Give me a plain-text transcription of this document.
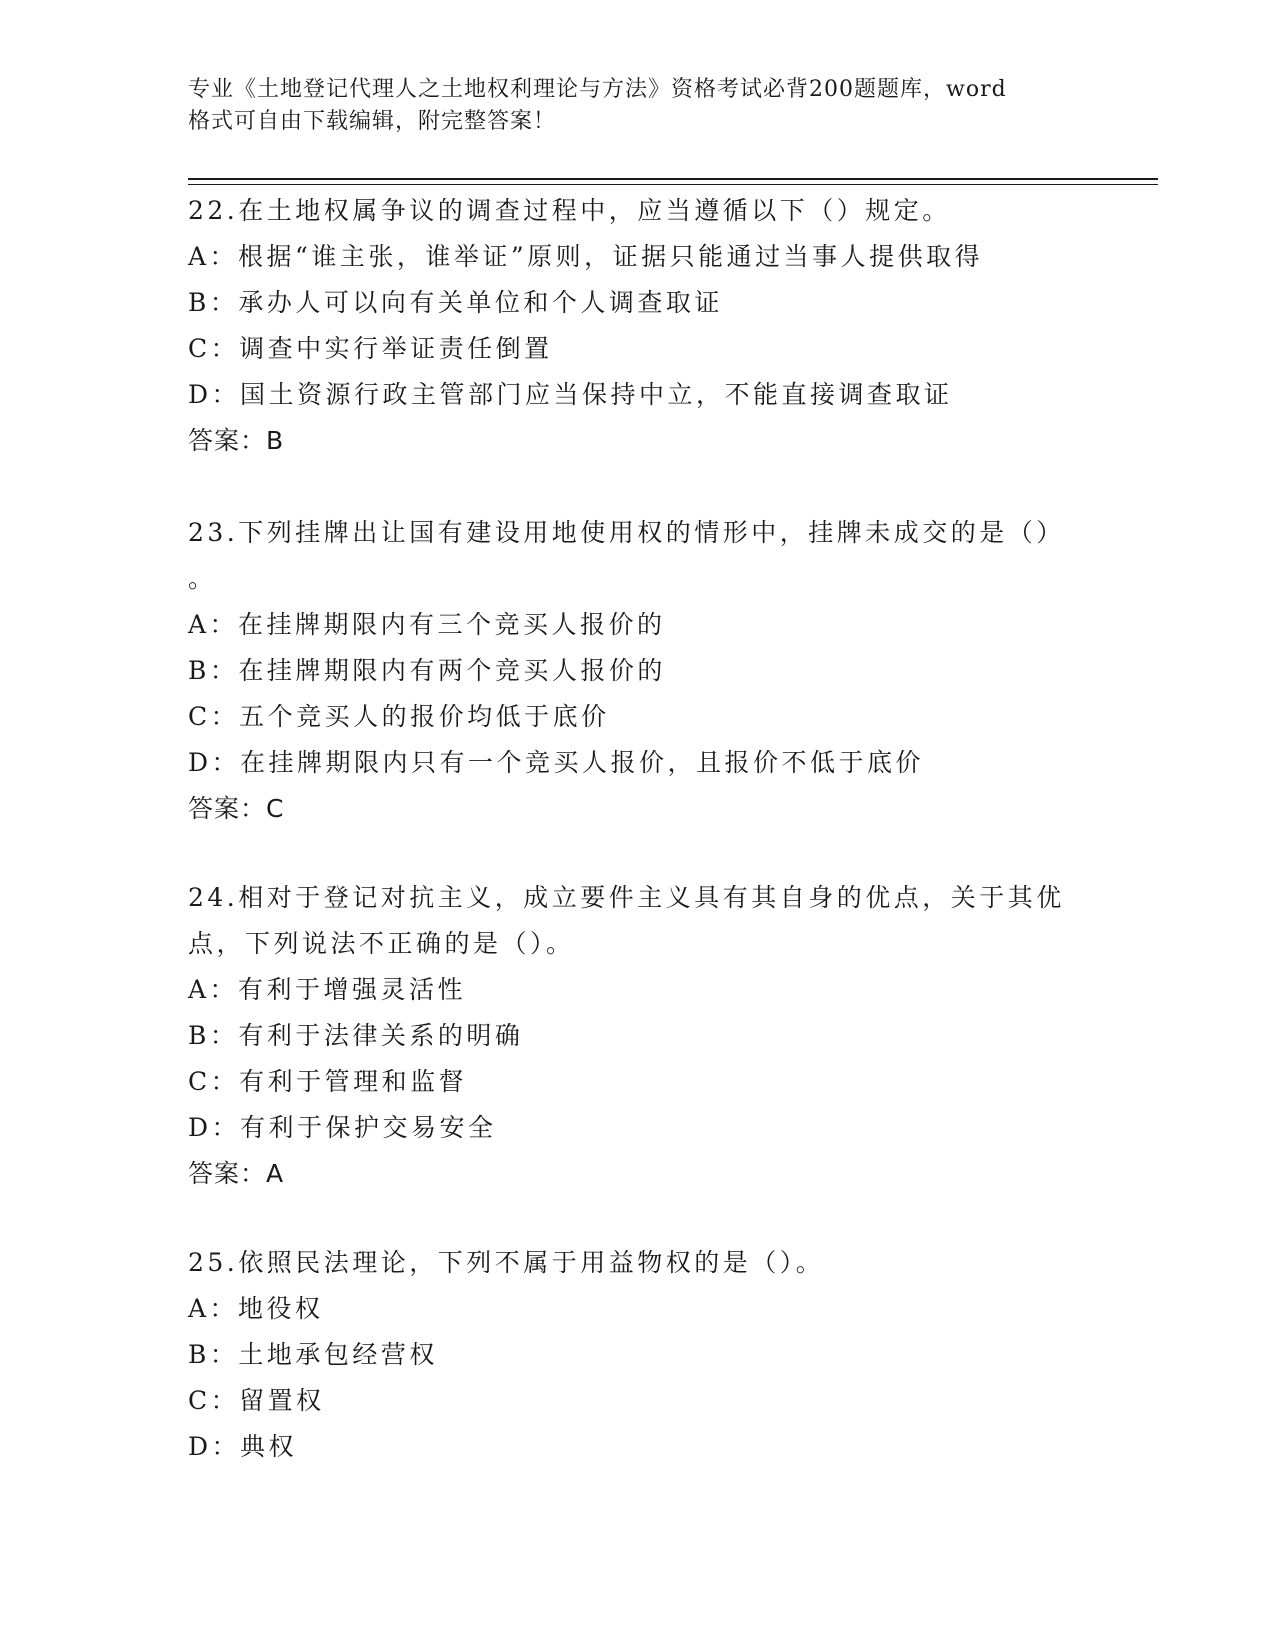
专业《土地登记代理人之土地权利理论与方法》资格考试必背200题题库，word
格式可自由下载编辑，附完整答案！
22.在土地权属争议的调查过程中，应当遵循以下（）规定。
A：根据“谁主张，谁举证”原则，证据只能通过当事人提供取得
B：承办人可以向有关单位和个人调查取证
C：调查中实行举证责任倒置
D：国土资源行政主管部门应当保持中立，不能直接调查取证
答案：B
23.下列挂牌出让国有建设用地使用权的情形中，挂牌未成交的是（）
。
A：在挂牌期限内有三个竞买人报价的
B：在挂牌期限内有两个竞买人报价的
C：五个竞买人的报价均低于底价
D：在挂牌期限内只有一个竞买人报价，且报价不低于底价
答案：C
24.相对于登记对抗主义，成立要件主义具有其自身的优点，关于其优
点，下列说法不正确的是（）。
A：有利于增强灵活性
B：有利于法律关系的明确
C：有利于管理和监督
D：有利于保护交易安全
答案：A
25.依照民法理论，下列不属于用益物权的是（）。
A：地役权
B：土地承包经营权
C：留置权
D：典权
